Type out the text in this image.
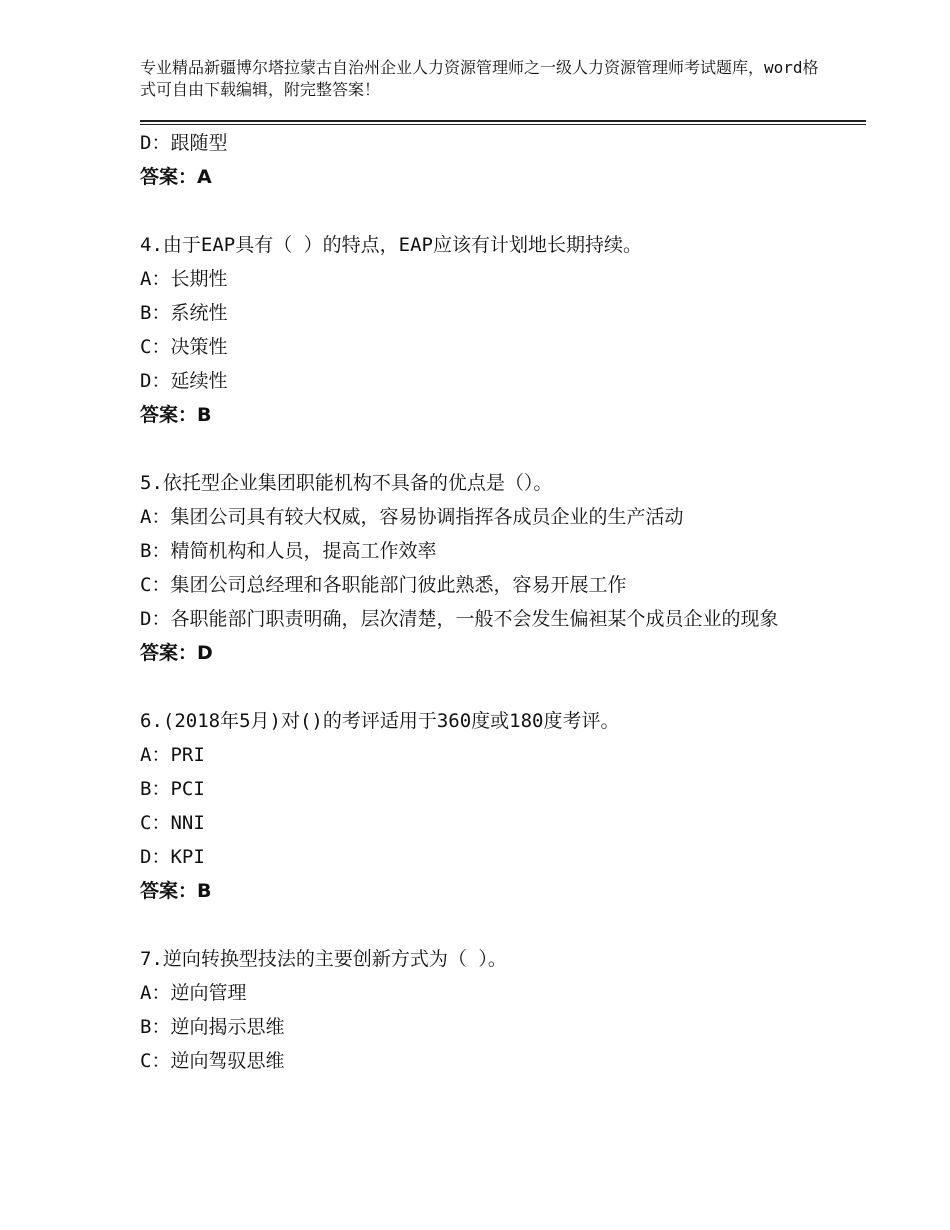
专业精品新疆博尔塔拉蒙古自治州企业人力资源管理师之一级人力资源管理师考试题库，word格式可自由下载编辑，附完整答案！
D：跟随型
答案：A
4.由于EAP具有（ ）的特点，EAP应该有计划地长期持续。
A：长期性
B：系统性
C：决策性
D：延续性
答案：B
5.依托型企业集团职能机构不具备的优点是（）。
A：集团公司具有较大权威，容易协调指挥各成员企业的生产活动
B：精简机构和人员，提高工作效率
C：集团公司总经理和各职能部门彼此熟悉，容易开展工作
D：各职能部门职责明确，层次清楚，一般不会发生偏袒某个成员企业的现象
答案：D
6.(2018年5月)对()的考评适用于360度或180度考评。
A：PRI
B：PCI
C：NNI
D：KPI
答案：B
7.逆向转换型技法的主要创新方式为（ ）。
A：逆向管理
B：逆向揭示思维
C：逆向驾驭思维
